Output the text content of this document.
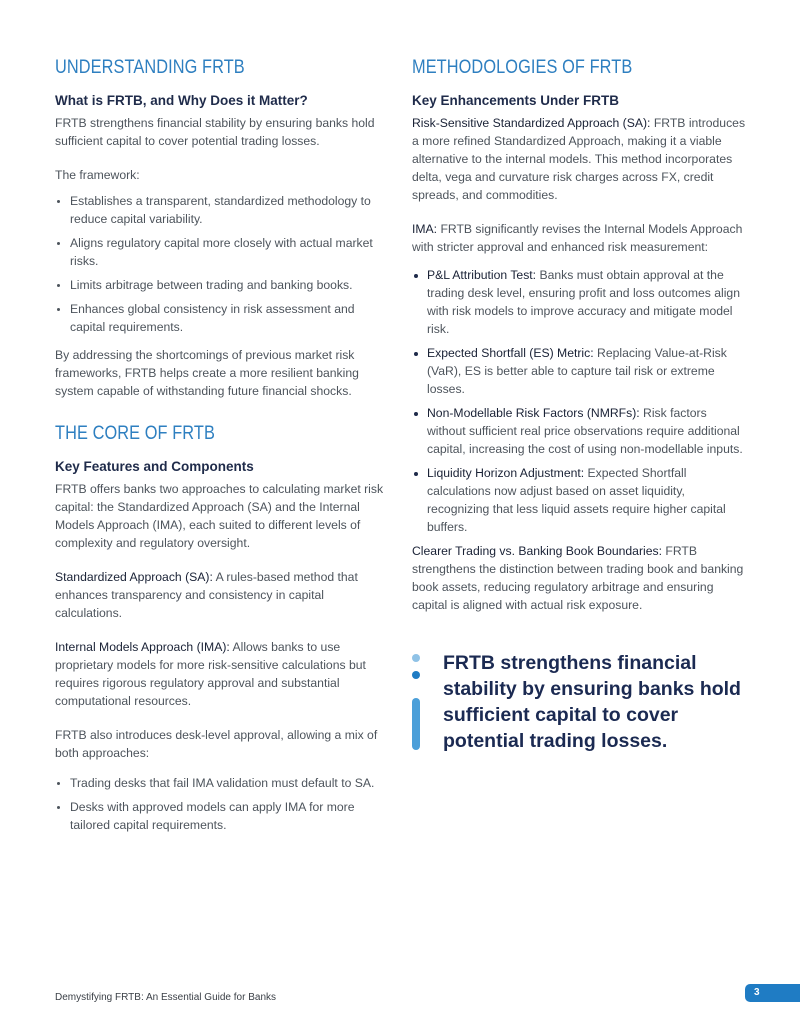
UNDERSTANDING FRTB
What is FRTB, and Why Does it Matter?

FRTB strengthens financial stability by ensuring banks hold sufficient capital to cover potential trading losses.

The framework:

Establishes a transparent, standardized methodology to reduce capital variability.
Aligns regulatory capital more closely with actual market risks.
Limits arbitrage between trading and banking books.
Enhances global consistency in risk assessment and capital requirements.

By addressing the shortcomings of previous market risk frameworks, FRTB helps create a more resilient banking system capable of withstanding future financial shocks.

THE CORE OF FRTB
Key Features and Components

FRTB offers banks two approaches to calculating market risk capital: the Standardized Approach (SA) and the Internal Models Approach (IMA), each suited to different levels of complexity and regulatory oversight.

Standardized Approach (SA): A rules-based method that enhances transparency and consistency in capital calculations.

Internal Models Approach (IMA): Allows banks to use proprietary models for more risk-sensitive calculations but requires rigorous regulatory approval and substantial computational resources.

FRTB also introduces desk-level approval, allowing a mix of both approaches:

Trading desks that fail IMA validation must default to SA.
Desks with approved models can apply IMA for more tailored capital requirements.
METHODOLOGIES OF FRTB
Key Enhancements Under FRTB

Risk-Sensitive Standardized Approach (SA): FRTB introduces a more refined Standardized Approach, making it a viable alternative to the internal models. This method incorporates delta, vega and curvature risk charges across FX, credit spreads, and commodities.

IMA: FRTB significantly revises the Internal Models Approach with stricter approval and enhanced risk measurement:

P&L Attribution Test: Banks must obtain approval at the trading desk level, ensuring profit and loss outcomes align with risk models to improve accuracy and mitigate model risk.
Expected Shortfall (ES) Metric: Replacing Value-at-Risk (VaR), ES is better able to capture tail risk or extreme losses.
Non-Modellable Risk Factors (NMRFs): Risk factors without sufficient real price observations require additional capital, increasing the cost of using non-modellable inputs.
Liquidity Horizon Adjustment: Expected Shortfall calculations now adjust based on asset liquidity, recognizing that less liquid assets require higher capital buffers.

Clearer Trading vs. Banking Book Boundaries: FRTB strengthens the distinction between trading book and banking book assets, reducing regulatory arbitrage and ensuring capital is aligned with actual risk exposure.

FRTB strengthens financial stability by ensuring banks hold sufficient capital to cover potential trading losses.
Demystifying FRTB: An Essential Guide for Banks	3
